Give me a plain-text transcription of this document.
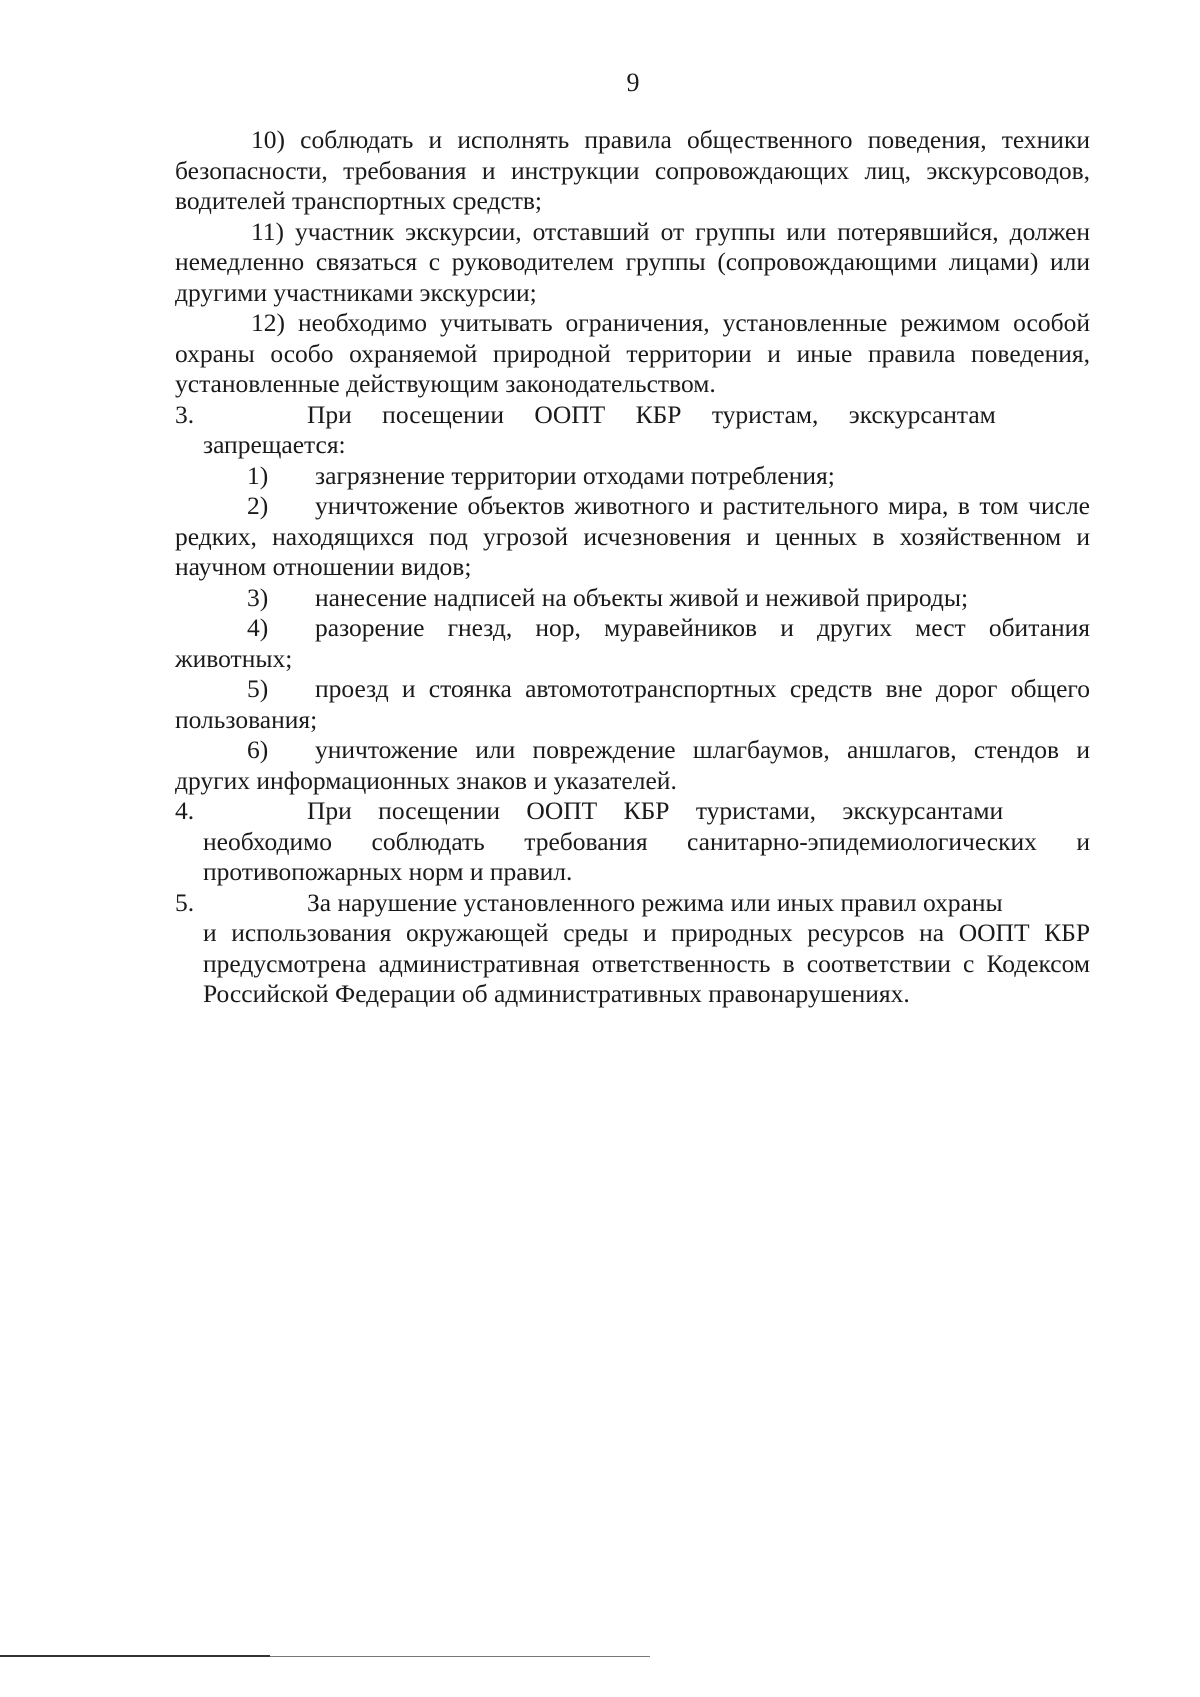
9

10) соблюдать и исполнять правила общественного поведения, техники безопасности, требования и инструкции сопровождающих лиц, экскурсоводов, водителей транспортных средств;

11) участник экскурсии, отставший от группы или потерявшийся, должен немедленно связаться с руководителем группы (сопровождающими лицами) или другими участниками экскурсии;

12) необходимо учитывать ограничения, установленные режимом особой охраны особо охраняемой природной территории и иные правила поведения, установленные действующим законодательством.

3.	При посещении ООПТ КБР туристам, экскурсантам
запрещается:

1) загрязнение территории отходами потребления;

2) уничтожение объектов животного и растительного мира, в том числе редких, находящихся под угрозой исчезновения и ценных в хозяйственном и научном отношении видов;

3) нанесение надписей на объекты живой и неживой природы;

4) разорение гнезд, нор, муравейников и других мест обитания животных;

5) проезд и стоянка автомототранспортных средств вне дорог общего пользования;

6) уничтожение или повреждение шлагбаумов, аншлагов, стендов и других информационных знаков и указателей.

4.	При посещении ООПТ КБР туристами, экскурсантами
необходимо соблюдать требования санитарно-эпидемиологических и противопожарных норм и правил.
5.	За нарушение установленного режима или иных правил охраны
и использования окружающей среды и природных ресурсов на ООПТ КБР предусмотрена административная ответственность в соответствии с Кодексом Российской Федерации об административных правонарушениях.
